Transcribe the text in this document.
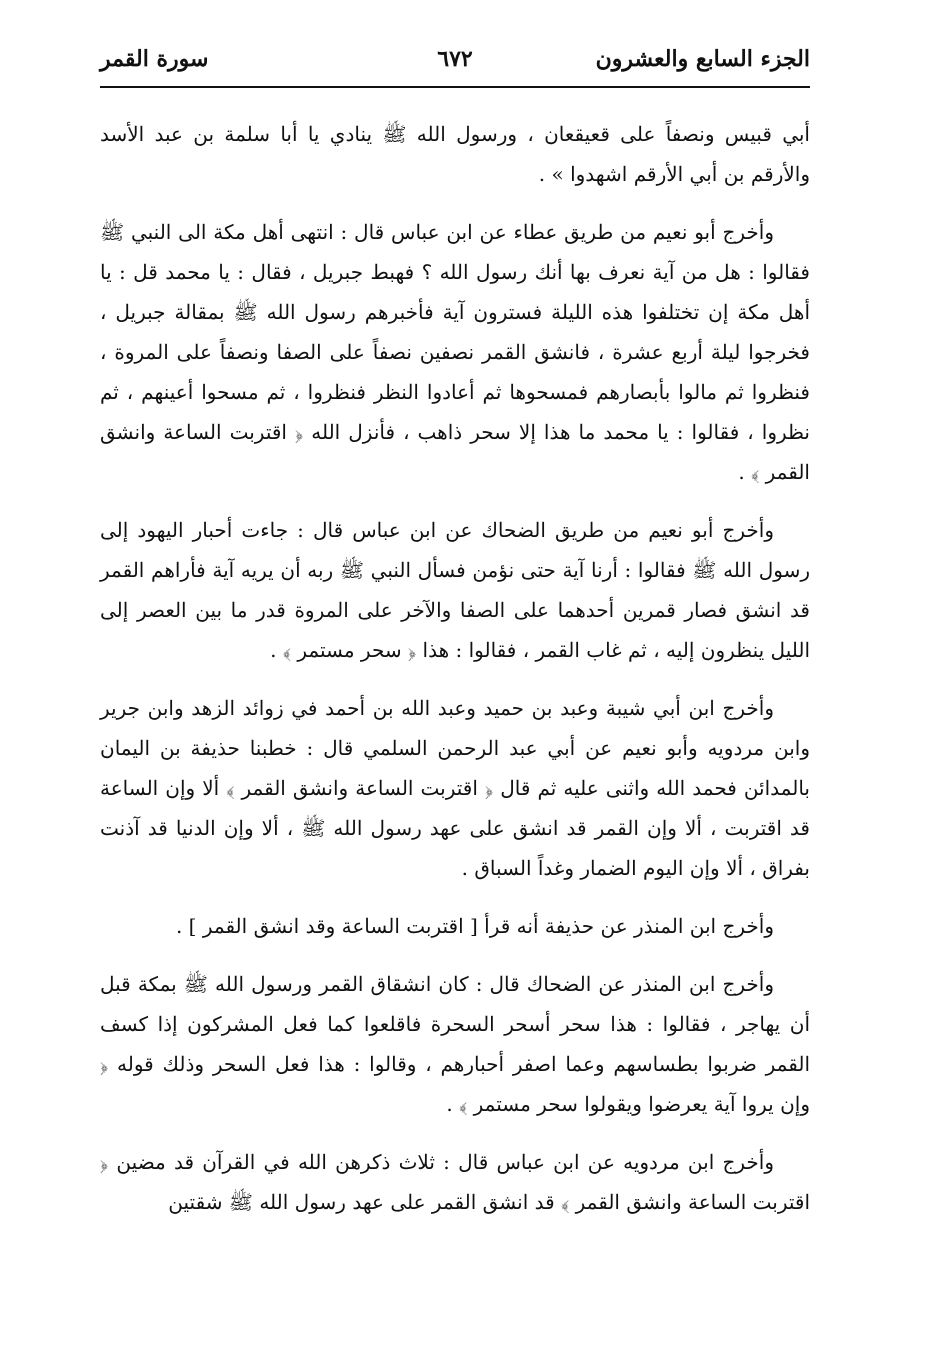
الجزء السابع والعشرون
٦٧٢
سورة القمر

أبي قبيس ونصفاً على قعيقعان ، ورسول الله ﷺ ينادي يا أبا سلمة بن عبد الأسد والأرقم بن أبي الأرقم اشهدوا » .

وأخرج أبو نعيم من طريق عطاء عن ابن عباس قال : انتهى أهل مكة الى النبي ﷺ فقالوا : هل من آية نعرف بها أنك رسول الله ؟ فهبط جبريل ، فقال : يا محمد قل : يا أهل مكة إن تختلفوا هذه الليلة فسترون آية فأخبرهم رسول الله ﷺ بمقالة جبريل ، فخرجوا ليلة أربع عشرة ، فانشق القمر نصفين نصفاً على الصفا ونصفاً على المروة ، فنظروا ثم مالوا بأبصارهم فمسحوها ثم أعادوا النظر فنظروا ، ثم مسحوا أعينهم ، ثم نظروا ، فقالوا : يا محمد ما هذا إلا سحر ذاهب ، فأنزل الله ﴿ اقتربت الساعة وانشق القمر ﴾ .

وأخرج أبو نعيم من طريق الضحاك عن ابن عباس قال : جاءت أحبار اليهود إلى رسول الله ﷺ فقالوا : أرنا آية حتى نؤمن فسأل النبي ﷺ ربه أن يريه آية فأراهم القمر قد انشق فصار قمرين أحدهما على الصفا والآخر على المروة قدر ما بين العصر إلى الليل ينظرون إليه ، ثم غاب القمر ، فقالوا : هذا ﴿ سحر مستمر ﴾ .

وأخرج ابن أبي شيبة وعبد بن حميد وعبد الله بن أحمد في زوائد الزهد وابن جرير وابن مردويه وأبو نعيم عن أبي عبد الرحمن السلمي قال : خطبنا حذيفة بن اليمان بالمدائن فحمد الله واثنى عليه ثم قال ﴿ اقتربت الساعة وانشق القمر ﴾ ألا وإن الساعة قد اقتربت ، ألا وإن القمر قد انشق على عهد رسول الله ﷺ ، ألا وإن الدنيا قد آذنت بفراق ، ألا وإن اليوم الضمار وغداً السباق .

وأخرج ابن المنذر عن حذيفة أنه قرأ [ اقتربت الساعة وقد انشق القمر ] .

وأخرج ابن المنذر عن الضحاك قال : كان انشقاق القمر ورسول الله ﷺ بمكة قبل أن يهاجر ، فقالوا : هذا سحر أسحر السحرة فاقلعوا كما فعل المشركون إذا كسف القمر ضربوا بطساسهم وعما اصفر أحبارهم ، وقالوا : هذا فعل السحر وذلك قوله ﴿ وإن يروا آية يعرضوا ويقولوا سحر مستمر ﴾ .

وأخرج ابن مردويه عن ابن عباس قال : ثلاث ذكرهن الله في القرآن قد مضين ﴿ اقتربت الساعة وانشق القمر ﴾ قد انشق القمر على عهد رسول الله ﷺ شقتين
